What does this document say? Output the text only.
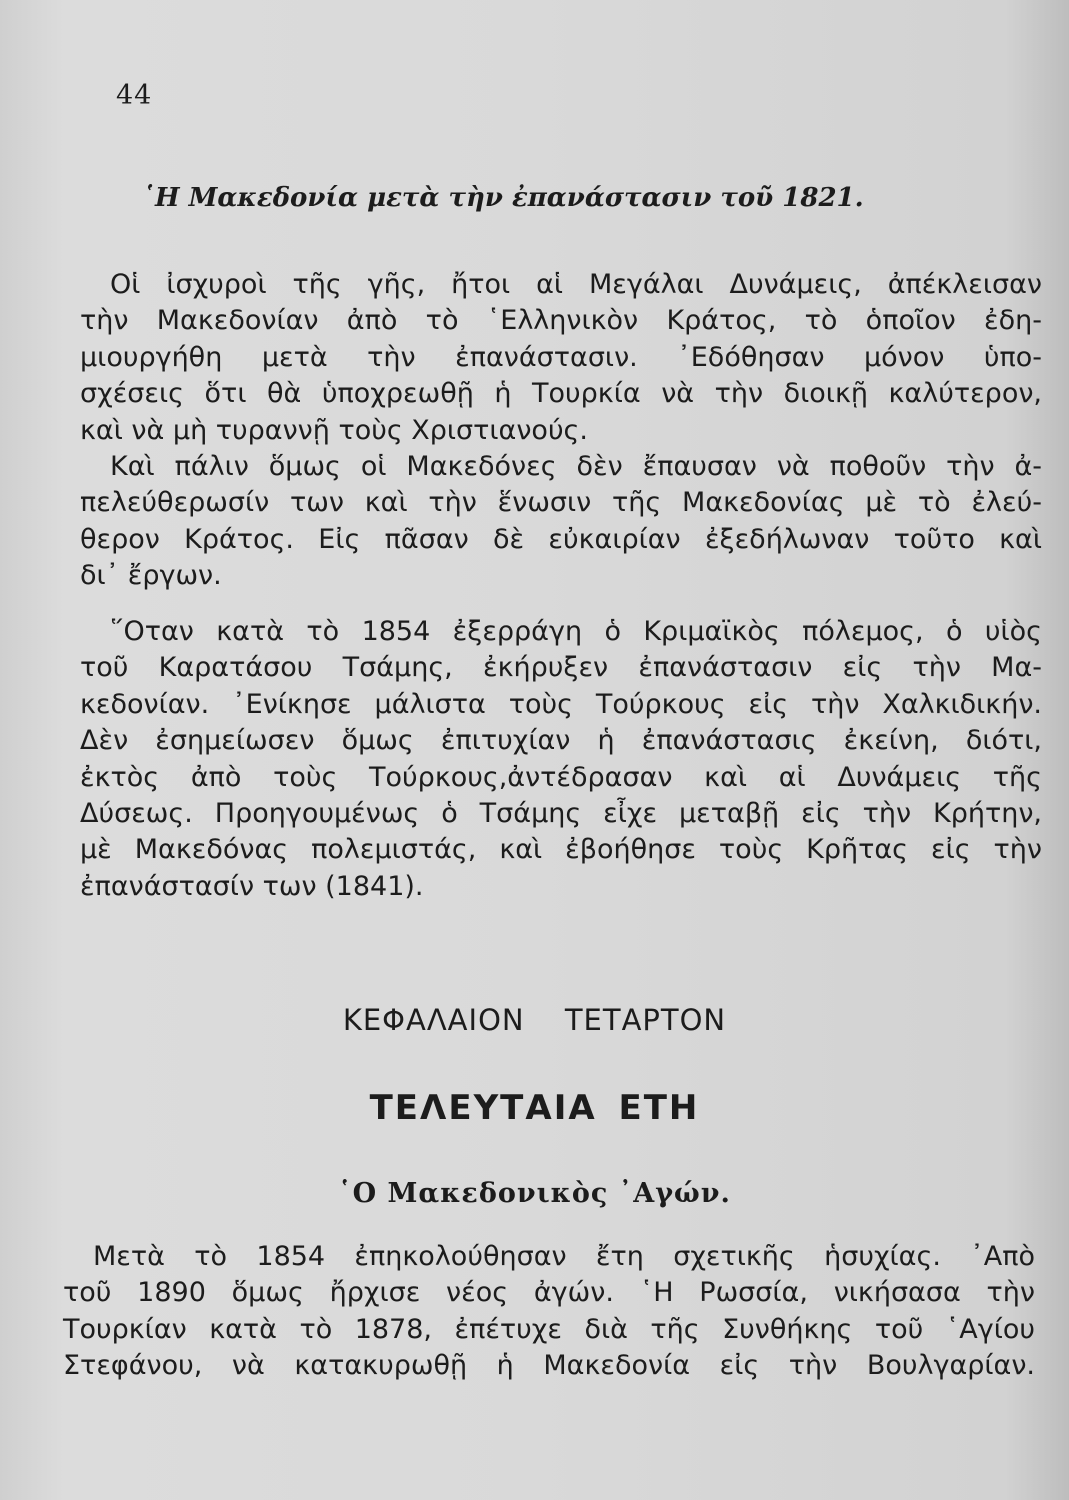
44
῾Η Μακεδονία μετὰ τὴν ἐπανάστασιν τοῦ 1821.
Οἱ ἰσχυροὶ τῆς γῆς, ἤτοι αἱ Μεγάλαι Δυνάμεις, ἀπέκλεισαν
τὴν Μακεδονίαν ἀπὸ τὸ ῾Ελληνικὸν Κράτος, τὸ ὁποῖον ἐδη-
μιουργήθη μετὰ τὴν ἐπανάστασιν. ᾿Εδόθησαν μόνον ὑπο-
σχέσεις ὅτι θὰ ὑποχρεωθῇ ἡ Τουρκία νὰ τὴν διοικῇ καλύτερον,
καὶ νὰ μὴ τυραννῇ τοὺς Χριστιανούς.
Καὶ πάλιν ὅμως οἱ Μακεδόνες δὲν ἔπαυσαν νὰ ποθοῦν τὴν ἀ-
πελεύθερωσίν των καὶ τὴν ἕνωσιν τῆς Μακεδονίας μὲ τὸ ἐλεύ-
θερον Κράτος. Εἰς πᾶσαν δὲ εὐκαιρίαν ἐξεδήλωναν τοῦτο καὶ
δι᾿ ἔργων.
῞Οταν κατὰ τὸ 1854 ἐξερράγη ὁ Κριμαϊκὸς πόλεμος, ὁ υἱὸς
τοῦ Καρατάσου Τσάμης, ἐκήρυξεν ἐπανάστασιν εἰς τὴν Μα-
κεδονίαν. ᾿Ενίκησε μάλιστα τοὺς Τούρκους εἰς τὴν Χαλκιδικήν.
Δὲν ἐσημείωσεν ὅμως ἐπιτυχίαν ἡ ἐπανάστασις ἐκείνη, διότι,
ἐκτὸς ἀπὸ τοὺς Τούρκους,ἀντέδρασαν καὶ αἱ Δυνάμεις τῆς
Δύσεως. Προηγουμένως ὁ Τσάμης εἶχε μεταβῇ εἰς τὴν Κρήτην,
μὲ Μακεδόνας πολεμιστάς, καὶ ἐβοήθησε τοὺς Κρῆτας εἰς τὴν
ἐπανάστασίν των (1841).
ΚΕΦΑΛΑΙΟΝ ΤΕΤΑΡΤΟΝ
ΤΕΛΕΥΤΑΙΑ ΕΤΗ
῾Ο Μακεδονικὸς ᾿Αγών.
Μετὰ τὸ 1854 ἐπηκολούθησαν ἔτη σχετικῆς ἡσυχίας. ᾿Απὸ
τοῦ 1890 ὅμως ἤρχισε νέος ἀγών. ῾Η Ρωσσία, νικήσασα τὴν
Τουρκίαν κατὰ τὸ 1878, ἐπέτυχε διὰ τῆς Συνθήκης τοῦ ῾Αγίου
Στεφάνου, νὰ κατακυρωθῇ ἡ Μακεδονία εἰς τὴν Βουλγαρίαν.
